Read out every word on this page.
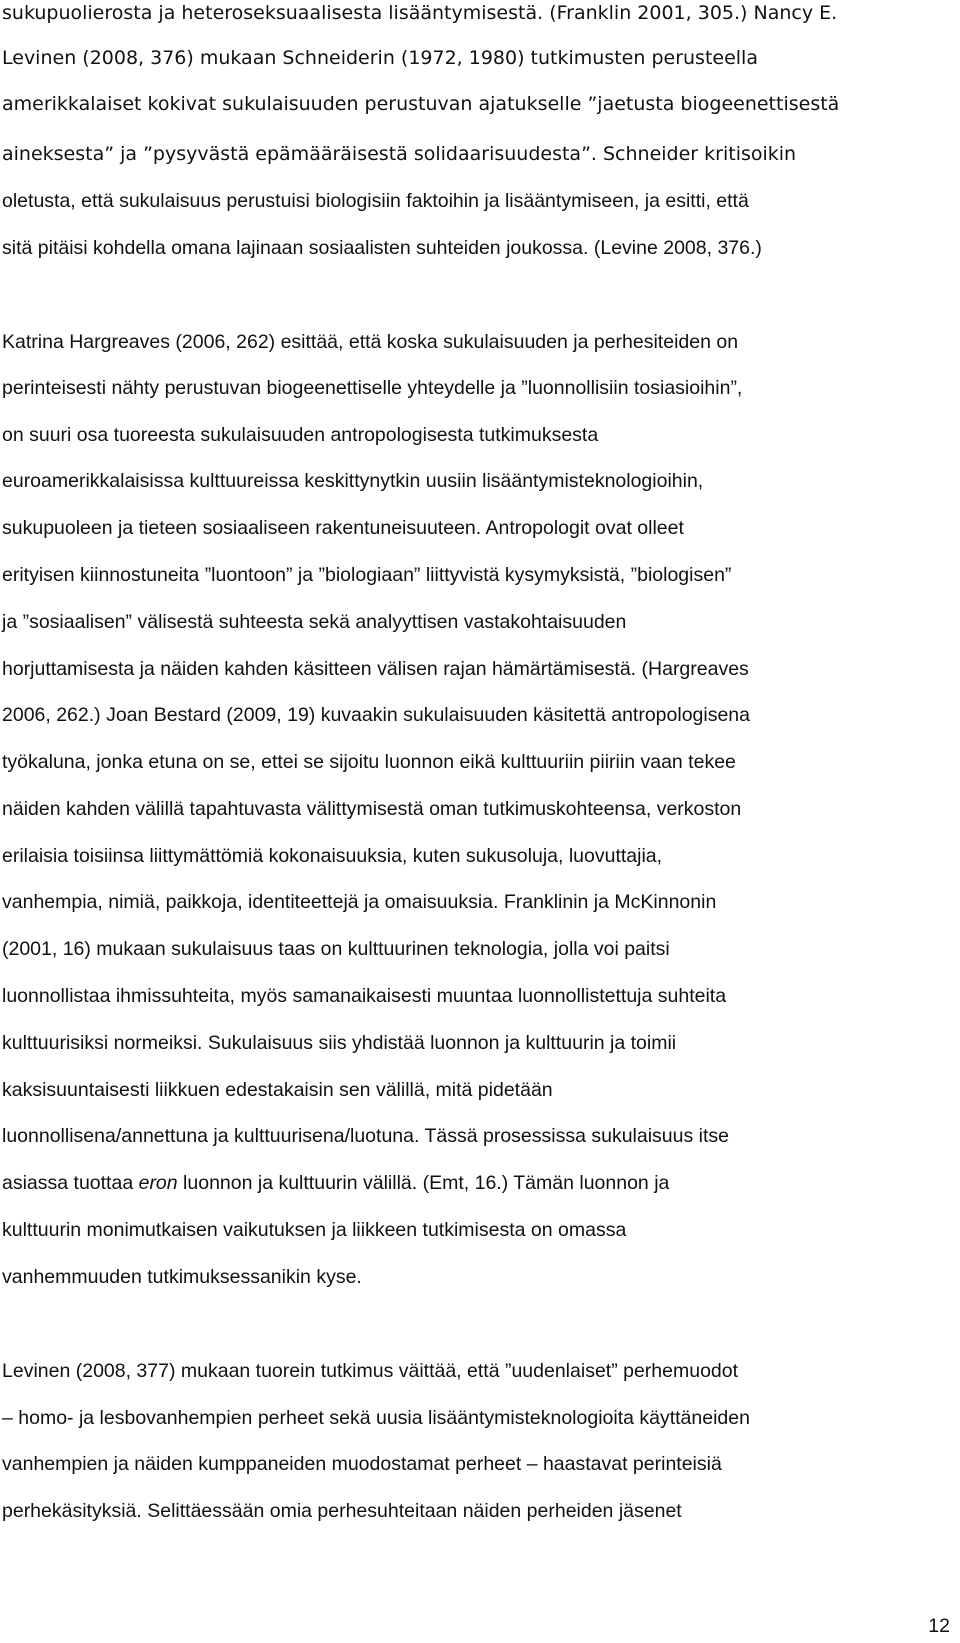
sukupuolierosta ja heteroseksuaalisesta lisääntymisestä. (Franklin 2001, 305.) Nancy E.
Levinen (2008, 376) mukaan Schneiderin (1972, 1980) tutkimusten perusteella
amerikkalaiset kokivat sukulaisuuden perustuvan ajatukselle ”jaetusta biogeenettisestä
aineksesta” ja ”pysyvästä epämääräisestä solidaarisuudesta”. Schneider kritisoikin
oletusta, että sukulaisuus perustuisi biologisiin faktoihin ja lisääntymiseen, ja esitti, että
sitä pitäisi kohdella omana lajinaan sosiaalisten suhteiden joukossa. (Levine 2008, 376.)
Katrina Hargreaves (2006, 262) esittää, että koska sukulaisuuden ja perhesiteiden on
perinteisesti nähty perustuvan biogeenettiselle yhteydelle ja ”luonnollisiin tosiasioihin”,
on suuri osa tuoreesta sukulaisuuden antropologisesta tutkimuksesta
euroamerikkalaisissa kulttuureissa keskittynytkin uusiin lisääntymisteknologioihin,
sukupuoleen ja tieteen sosiaaliseen rakentuneisuuteen. Antropologit ovat olleet
erityisen kiinnostuneita ”luontoon” ja ”biologiaan” liittyvistä kysymyksistä, ”biologisen”
ja ”sosiaalisen” välisestä suhteesta sekä analyyttisen vastakohtaisuuden
horjuttamisesta ja näiden kahden käsitteen välisen rajan hämärtämisestä. (Hargreaves
2006, 262.) Joan Bestard (2009, 19) kuvaakin sukulaisuuden käsitettä antropologisena
työkaluna, jonka etuna on se, ettei se sijoitu luonnon eikä kulttuuriin piiriin vaan tekee
näiden kahden välillä tapahtuvasta välittymisestä oman tutkimuskohteensa, verkoston
erilaisia toisiinsa liittymättömiä kokonaisuuksia, kuten sukusoluja, luovuttajia,
vanhempia, nimiä, paikkoja, identiteettejä ja omaisuuksia. Franklinin ja McKinnonin
(2001, 16) mukaan sukulaisuus taas on kulttuurinen teknologia, jolla voi paitsi
luonnollistaa ihmissuhteita, myös samanaikaisesti muuntaa luonnollistettuja suhteita
kulttuurisiksi normeiksi. Sukulaisuus siis yhdistää luonnon ja kulttuurin ja toimii
kaksisuuntaisesti liikkuen edestakaisin sen välillä, mitä pidetään
luonnollisena/annettuna ja kulttuurisena/luotuna. Tässä prosessissa sukulaisuus itse
asiassa tuottaa eron luonnon ja kulttuurin välillä. (Emt, 16.) Tämän luonnon ja
kulttuurin monimutkaisen vaikutuksen ja liikkeen tutkimisesta on omassa
vanhemmuuden tutkimuksessanikin kyse.
Levinen (2008, 377) mukaan tuorein tutkimus väittää, että ”uudenlaiset” perhemuodot
– homo- ja lesbovanhempien perheet sekä uusia lisääntymisteknologioita käyttäneiden
vanhempien ja näiden kumppaneiden muodostamat perheet – haastavat perinteisiä
perhekäsityksiä. Selittäessään omia perhesuhteitaan näiden perheiden jäsenet
12
